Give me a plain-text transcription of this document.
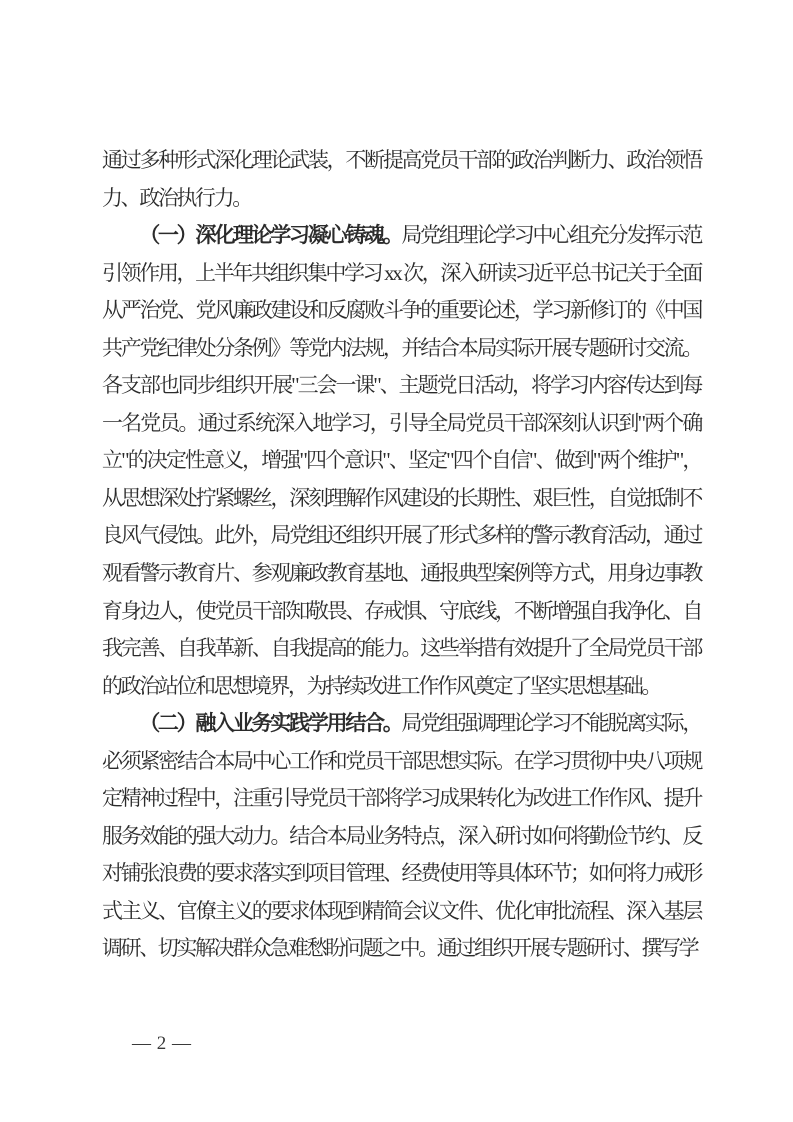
通过多种形式深化理论武装，不断提高党员干部的政治判断力、政治领悟力、政治执行力。

（一）深化理论学习凝心铸魂。局党组理论学习中心组充分发挥示范引领作用，上半年共组织集中学习 xx 次，深入研读习近平总书记关于全面从严治党、党风廉政建设和反腐败斗争的重要论述，学习新修订的《中国共产党纪律处分条例》等党内法规，并结合本局实际开展专题研讨交流。各支部也同步组织开展"三会一课"、主题党日活动，将学习内容传达到每一名党员。通过系统深入地学习，引导全局党员干部深刻认识到"两个确立"的决定性意义，增强"四个意识"、坚定"四个自信"、做到"两个维护"，从思想深处拧紧螺丝，深刻理解作风建设的长期性、艰巨性，自觉抵制不良风气侵蚀。此外，局党组还组织开展了形式多样的警示教育活动，通过观看警示教育片、参观廉政教育基地、通报典型案例等方式，用身边事教育身边人，使党员干部知敬畏、存戒惧、守底线，不断增强自我净化、自我完善、自我革新、自我提高的能力。这些举措有效提升了全局党员干部的政治站位和思想境界，为持续改进工作作风奠定了坚实思想基础。

（二）融入业务实践学用结合。局党组强调理论学习不能脱离实际，必须紧密结合本局中心工作和党员干部思想实际。在学习贯彻中央八项规定精神过程中，注重引导党员干部将学习成果转化为改进工作作风、提升服务效能的强大动力。结合本局业务特点，深入研讨如何将勤俭节约、反对铺张浪费的要求落实到项目管理、经费使用等具体环节；如何将力戒形式主义、官僚主义的要求体现到精简会议文件、优化审批流程、深入基层调研、切实解决群众急难愁盼问题之中。通过组织开展专题研讨、撰写学

— 2 —
